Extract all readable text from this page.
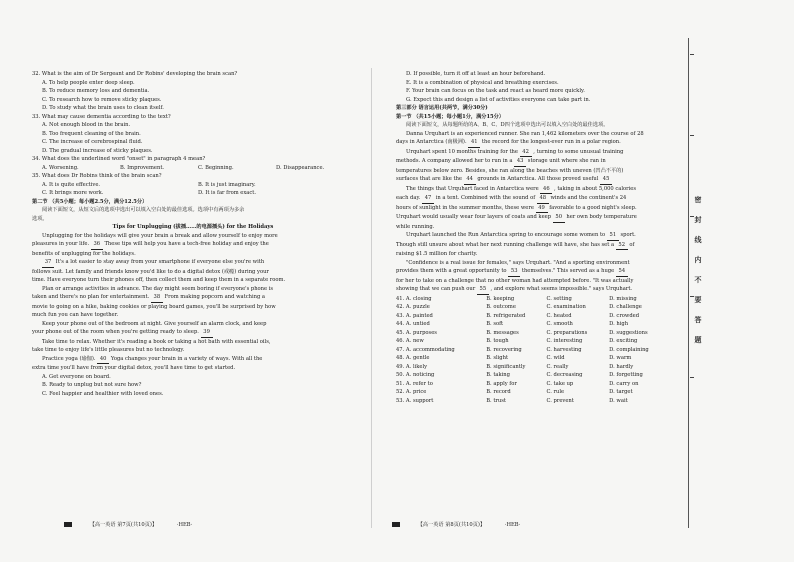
32. What is the aim of Dr Sergeant and Dr Robins' developing the brain scan?
A. To help people enter deep sleep.
B. To reduce memory loss and dementia.
C. To research how to remove sticky plaques.
D. To study what the brain uses to clean itself.
33. What may cause dementia according to the text?
A. Not enough blood in the brain.
B. Too frequent cleaning of the brain.
C. The increase of cerebrospinal fluid.
D. The gradual increase of sticky plaques.
34. What does the underlined word "onset" in paragraph 4 mean?
A. Worsening.	B. Improvement.	C. Beginning.	D. Disappearance.
35. What does Dr Robins think of the brain scan?
A. It is quite effective.	B. It is just imaginary.
C. It brings more work.	D. It is far from exact.
第二节 （共5小题；每小题2.5分，满分12.5分）
阅读下面短文，从短文后的选项中选出可以填入空白处的最佳选项。选项中有两项为多余
选项。
Tips for Unplugging (拔插……的电源插头) for the Holidays
Unplugging for the holidays will give your brain a break and allow yourself to enjoy more
pleasures in your life. 36 These tips will help you have a tech-free holiday and enjoy the
benefits of unplugging for the holidays.
37 It's a lot easier to stay away from your smartphone if everyone else you're with
follows suit. Let family and friends know you'd like to do a digital detox (戒瘾) during your
time. Have everyone turn their phones off, then collect them and keep them in a separate room.
Plan or arrange activities in advance. The day might seem boring if everyone's phone is
taken and there's no plan for entertainment. 38 From making popcorn and watching a
movie to going on a hike, baking cookies or playing board games, you'll be surprised by how
much fun you can have together.
Keep your phone out of the bedroom at night. Give yourself an alarm clock, and keep
your phone out of the room when you're getting ready to sleep. 39
Take time to relax. Whether it's reading a book or taking a hot bath with essential oils,
take time to enjoy life's little pleasures but no technology.
Practice yoga (瑜伽). 40 Yoga changes your brain in a variety of ways. With all the
extra time you'll have from your digital detox, you'll have time to get started.
A. Get everyone on board.
B. Ready to unplug but not sure how?
C. Feel happier and healthier with loved ones.
D. If possible, turn it off at least an hour beforehand.
E. It is a combination of physical and breathing exercises.
F. Your brain can focus on the task and react as heard more quickly.
G. Expect this and design a list of activities everyone can take part in.
第三部分 语言运用(共两节，满分30分)
第一节 （共15小题；每小题1分，满分15分）
阅读下面短文，从每题所给的A、B、C、D四个选项中选出可以填入空白处的最佳选项。
Danna Urquhart is an experienced runner. She ran 1,462 kilometers over the course of 28
days in Antarctica (南极洲). 41 the record for the longest-ever run in a polar region.
Urquhart spent 10 months training for the 42 , turning to some unusual training
methods. A company allowed her to run in a 43 storage unit where she ran in
temperatures below zero. Besides, she ran along the beaches with uneven (凹凸不平的)
surfaces that are like the 44 grounds in Antarctica. All those proved useful 45
The things that Urquhart faced in Antarctica were 46 , taking in about 5,000 calories
each day. 47 in a tent. Combined with the sound of 48 winds and the continent's 24
hours of sunlight in the summer months, these were 49 favorable to a good night's sleep.
Urquhart would usually wear four layers of coats and keep 50 her own body temperature
while running.
Urquhart launched the Run Antarctica spring to encourage some women to 51 sport.
Though still unsure about what her next running challenge will have, she has set a 52 of
raising $1.5 million for charity.
"Confidence is a real issue for females," says Urquhart. "And a sporting environment
provides them with a great opportunity to 53 themselves." This served as a huge 54
for her to take on a challenge that no other woman had attempted before. "It was actually
showing that we can push our 55 , and explore what seems impossible." says Urquhart.
41. A. closing	B. keeping	C. setting	D. missing
42. A. puzzle	B. outcome	C. examination	D. challenge
43. A. painted	B. refrigerated	C. heated	D. crowded
44. A. untied	B. soft	C. smooth	D. high
45. A. purposes	B. messages	C. preparations	D. suggestions
46. A. new	B. tough	C. interesting	D. exciting
47. A. accommodating	B. recovering	C. harvesting	D. complaining
48. A. gentle	B. slight	C. wild	D. warm
49. A. likely	B. significantly	C. really	D. hardly
50. A. noticing	B. taking	C. decreasing	D. forgetting
51. A. refer to	B. apply for	C. take up	D. carry on
52. A. price	B. record	C. rule	D. target
53. A. support	B. trust	C. prevent	D. wait
【高一英语 第7页(共10页)】	·HEB·	【高一英语 第8页(共10页)】	·HEB·
密
封
线
内
不
要
答
题
